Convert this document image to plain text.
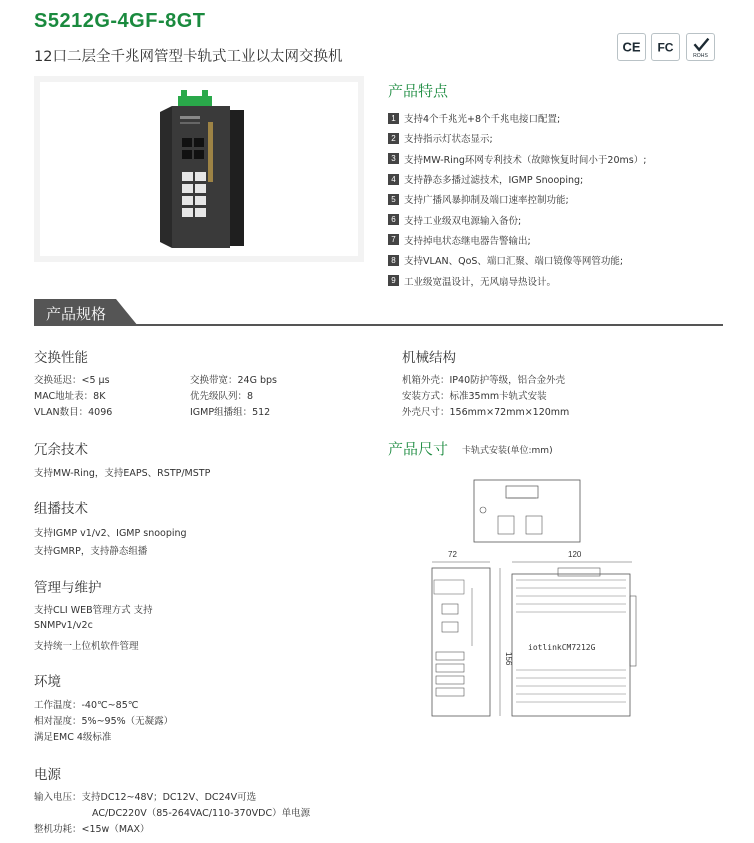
S5212G-4GF-8GT
12口二层全千兆网管型卡轨式工业以太网交换机
CE FC
ROHS
产品特点
1 支持4个千兆光+8个千兆电接口配置;
2 支持指示灯状态显示;
3 支持MW-Ring环网专利技术（故障恢复时间小于20ms）;
4 支持静态多播过滤技术，IGMP Snooping;
5 支持广播风暴抑制及端口速率控制功能;
6 支持工业级双电源输入备份;
7 支持掉电状态继电器告警输出;
8 支持VLAN、QoS、端口汇聚、端口镜像等网管功能;
9 工业级宽温设计，无风扇导热设计。
产品规格
交换性能
交换延迟：<5 μs	交换带宽：24G bps
MAC地址表：8K	优先级队列：8
VLAN数目：4096	IGMP组播组：512
机械结构
机箱外壳：IP40防护等级，铝合金外壳
安装方式：标准35mm卡轨式安装
外壳尺寸：156mm×72mm×120mm
冗余技术
支持MW-Ring，支持EAPS、RSTP/MSTP
组播技术
支持IGMP v1/v2、IGMP snooping
支持GMRP，支持静态组播
管理与维护
支持CLI WEB管理方式 支持
SNMPv1/v2c
支持统一上位机软件管理
环境
工作温度：-40℃~85℃
相对湿度：5%~95%（无凝露）
满足EMC 4级标准
电源
输入电压：支持DC12~48V；DC12V、DC24V可选
AC/DC220V（85-264VAC/110-370VDC）单电源
整机功耗：<15w（MAX）
产品尺寸 卡轨式安装(单位:mm)
72	120
156
iotlinkCM7212G
